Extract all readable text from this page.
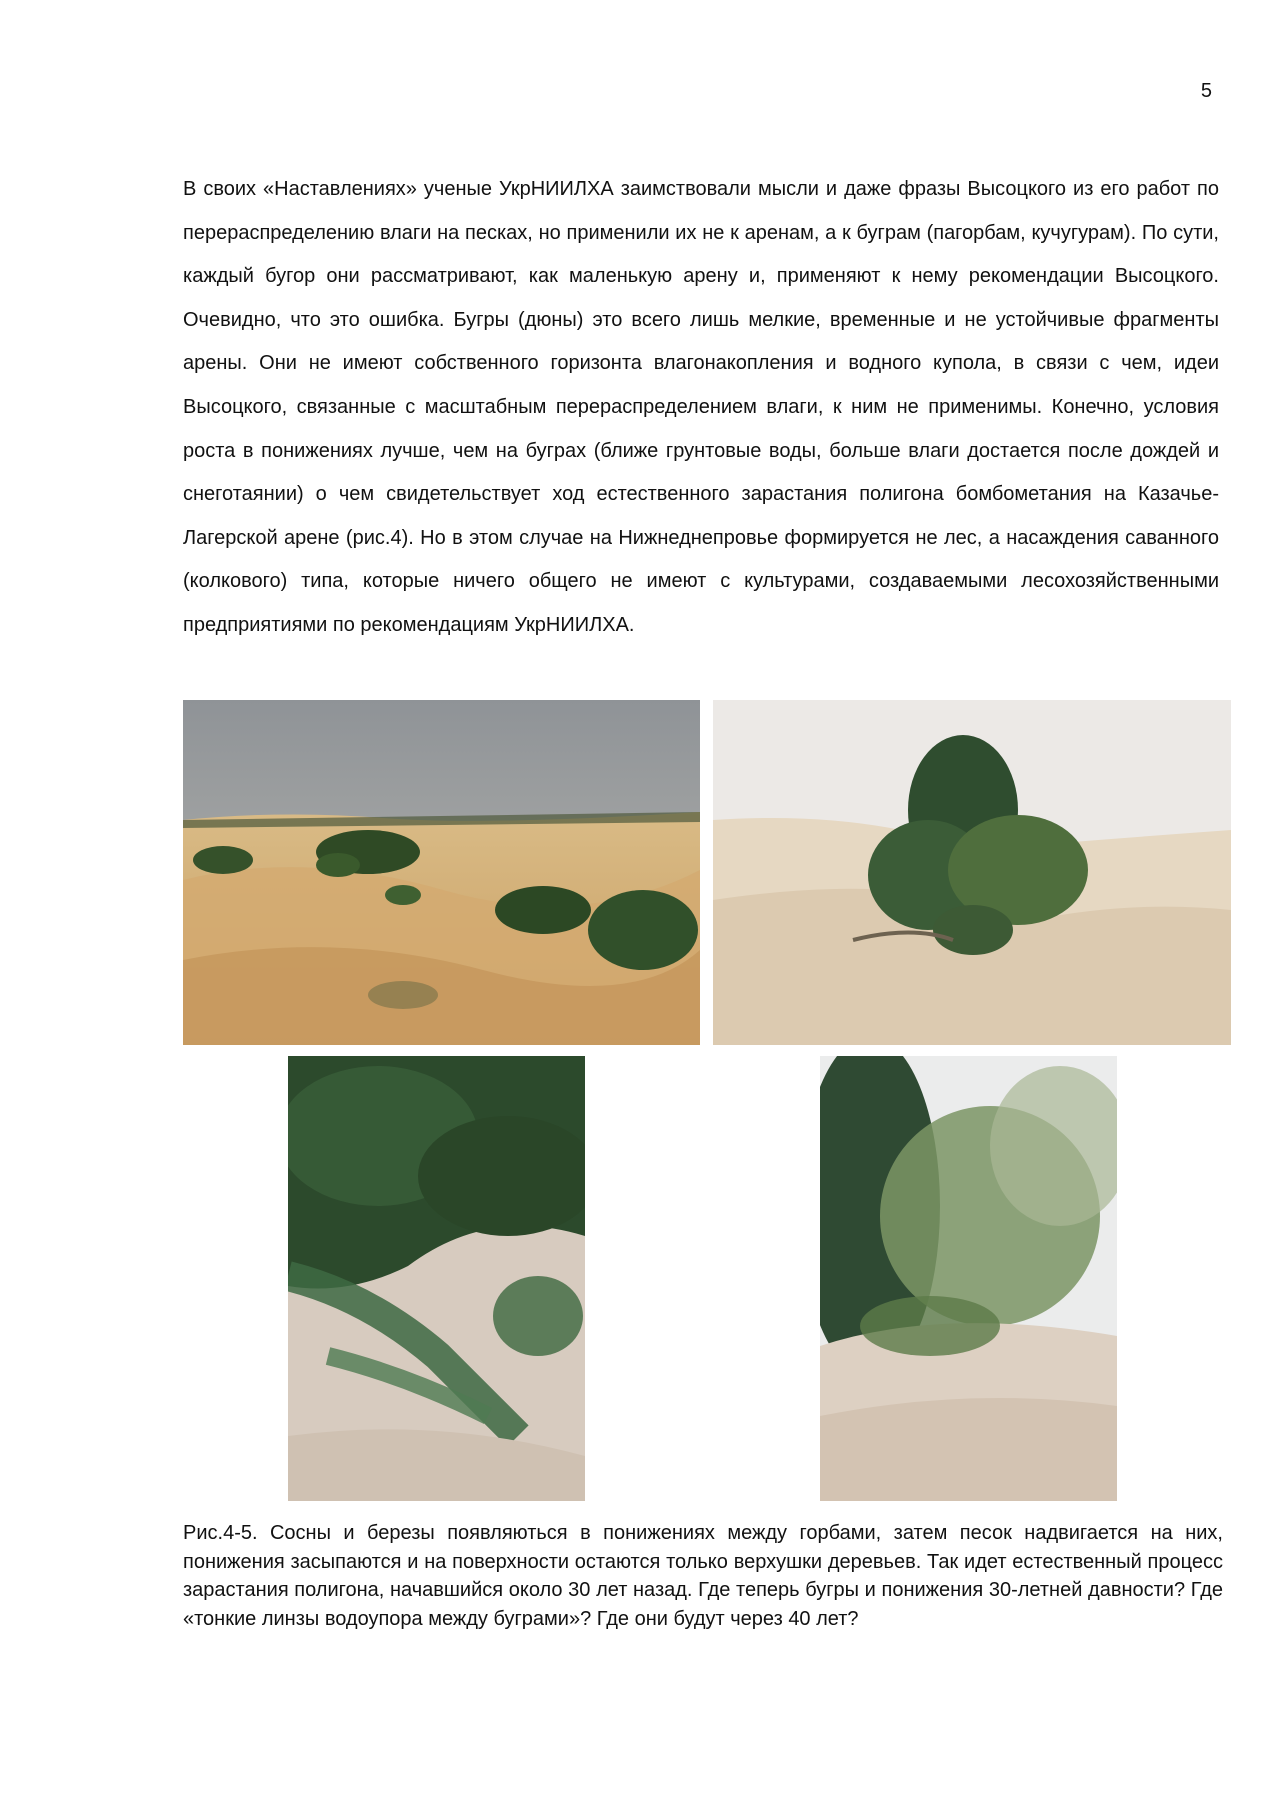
5

В своих «Наставлениях» ученые УкрНИИЛХА заимствовали мысли и даже фразы Высоцкого из его работ по перераспределению влаги на песках, но применили их не к аренам, а к буграм (пагорбам, кучугурам). По сути, каждый бугор они рассматривают, как маленькую арену и, применяют к нему рекомендации Высоцкого. Очевидно, что это ошибка. Бугры (дюны) это всего лишь мелкие, временные и не устойчивые фрагменты арены. Они не имеют собственного горизонта влагонакопления и водного купола, в связи с чем, идеи Высоцкого, связанные с масштабным перераспределением влаги, к ним не применимы. Конечно, условия роста в понижениях лучше, чем на буграх (ближе грунтовые воды, больше влаги достается после дождей и снеготаянии) о чем свидетельствует ход естественного зарастания полигона бомбометания на Казачье-Лагерской арене (рис.4). Но в этом случае на Нижнеднепровье формируется не лес, а насаждения саванного (колкового) типа, которые ничего общего не имеют с культурами, создаваемыми лесохозяйственными предприятиями по рекомендациям УкрНИИЛХА.

Рис.4-5. Сосны и березы появляються в понижениях между горбами, затем песок надвигается на них, понижения засыпаются и на поверхности остаются только верхушки деревьев. Так идет естественный процесс зарастания полигона, начавшийся около 30 лет назад. Где теперь бугры и понижения 30-летней давности? Где «тонкие линзы водоупора между буграми»? Где они будут через 40 лет?
